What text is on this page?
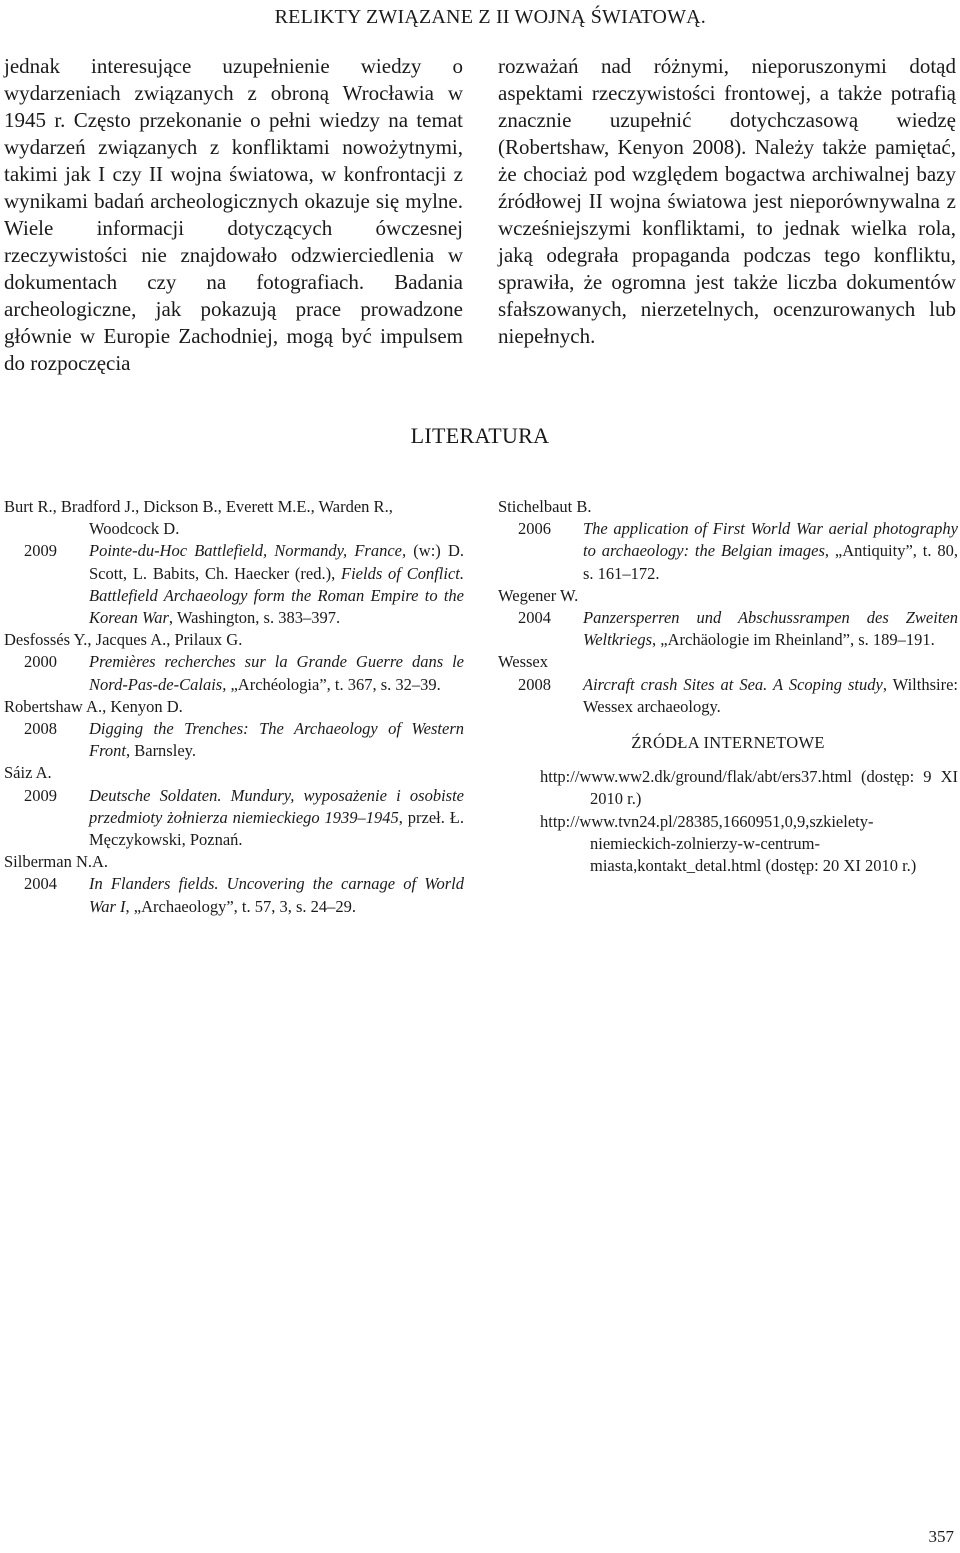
RELIKTY ZWIĄZANE Z II WOJNĄ ŚWIATOWĄ.
jednak interesujące uzupełnienie wiedzy o wydarzeniach związanych z obroną Wrocławia w 1945 r. Często przekonanie o pełni wiedzy na temat wydarzeń związanych z konfliktami nowożytnymi, takimi jak I czy II wojna światowa, w konfrontacji z wynikami badań archeologicznych okazuje się mylne. Wiele informacji dotyczących ówczesnej rzeczywistości nie znajdowało odzwierciedlenia w dokumentach czy na fotografiach. Badania archeologiczne, jak pokazują prace prowadzone głównie w Europie Zachodniej, mogą być impulsem do rozpoczęcia
rozważań nad różnymi, nieporuszonymi dotąd aspektami rzeczywistości frontowej, a także potrafią znacznie uzupełnić dotychczasową wiedzę (Robertshaw, Kenyon 2008). Należy także pamiętać, że chociaż pod względem bogactwa archiwalnej bazy źródłowej II wojna światowa jest nieporównywalna z wcześniejszymi konfliktami, to jednak wielka rola, jaką odegrała propaganda podczas tego konfliktu, sprawiła, że ogromna jest także liczba dokumentów sfałszowanych, nierzetelnych, ocenzurowanych lub niepełnych.
LITERATURA
Burt R., Bradford J., Dickson B., Everett M.E., Warden R.,
Woodcock D.
2009	Pointe-du-Hoc Battlefield, Normandy, France, (w:) D. Scott, L. Babits, Ch. Haecker (red.), Fields of Conflict. Battlefield Archaeology form the Roman Empire to the Korean War, Washington, s. 383–397.
Desfossés Y., Jacques A., Prilaux G.
2000	Premières recherches sur la Grande Guerre dans le Nord-Pas-de-Calais, „Archéologia”, t. 367, s. 32–39.
Robertshaw A., Kenyon D.
2008	Digging the Trenches: The Archaeology of Western Front, Barnsley.
Sáiz A.
2009	Deutsche Soldaten. Mundury, wyposażenie i osobiste przedmioty żołnierza niemieckiego 1939–1945, przeł. Ł. Męczykowski, Poznań.
Silberman N.A.
2004	In Flanders fields. Uncovering the carnage of World War I, „Archaeology”, t. 57, 3, s. 24–29.
Stichelbaut B.
2006	The application of First World War aerial photography to archaeology: the Belgian images, „Antiquity”, t. 80, s. 161–172.
Wegener W.
2004	Panzersperren und Abschussrampen des Zweiten Weltkriegs, „Archäologie im Rheinland”, s. 189–191.
Wessex
2008	Aircraft crash Sites at Sea. A Scoping study, Wilthsire: Wessex archaeology.
ŹRÓDŁA INTERNETOWE
http://www.ww2.dk/ground/flak/abt/ers37.html (dostęp: 9 XI 2010 r.)
http://www.tvn24.pl/28385,1660951,0,9,szkielety-niemieckich-zolnierzy-w-centrum-miasta,kontakt_detal.html (dostęp: 20 XI 2010 r.)
357
